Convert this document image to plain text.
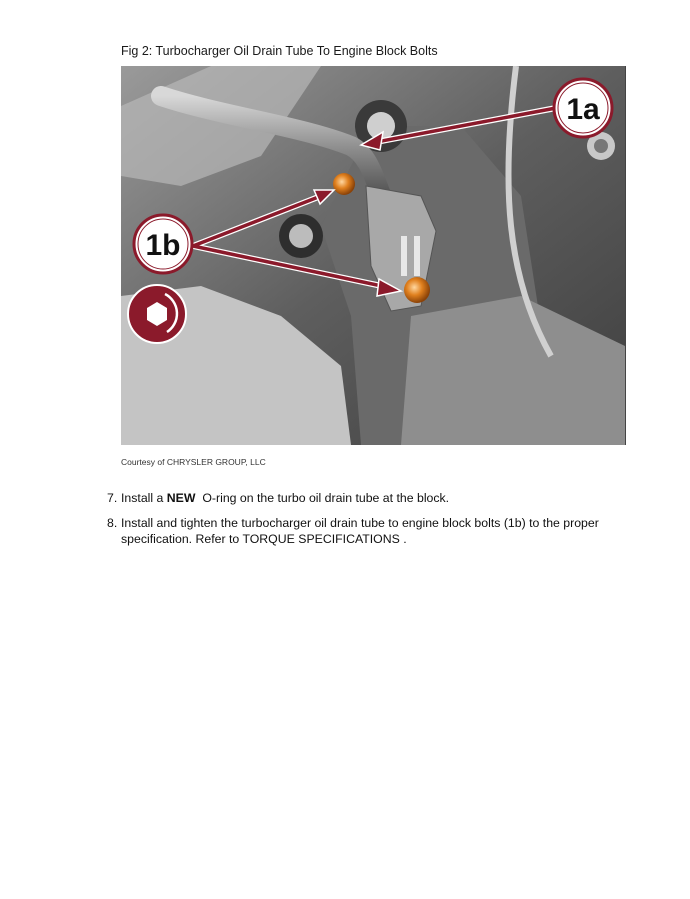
Fig 2: Turbocharger Oil Drain Tube To Engine Block Bolts
1a
1b
Courtesy of CHRYSLER GROUP, LLC
7. Install a NEW  O-ring on the turbo oil drain tube at the block.
8. Install and tighten the turbocharger oil drain tube to engine block bolts (1b) to the proper specification. Refer to TORQUE SPECIFICATIONS .
